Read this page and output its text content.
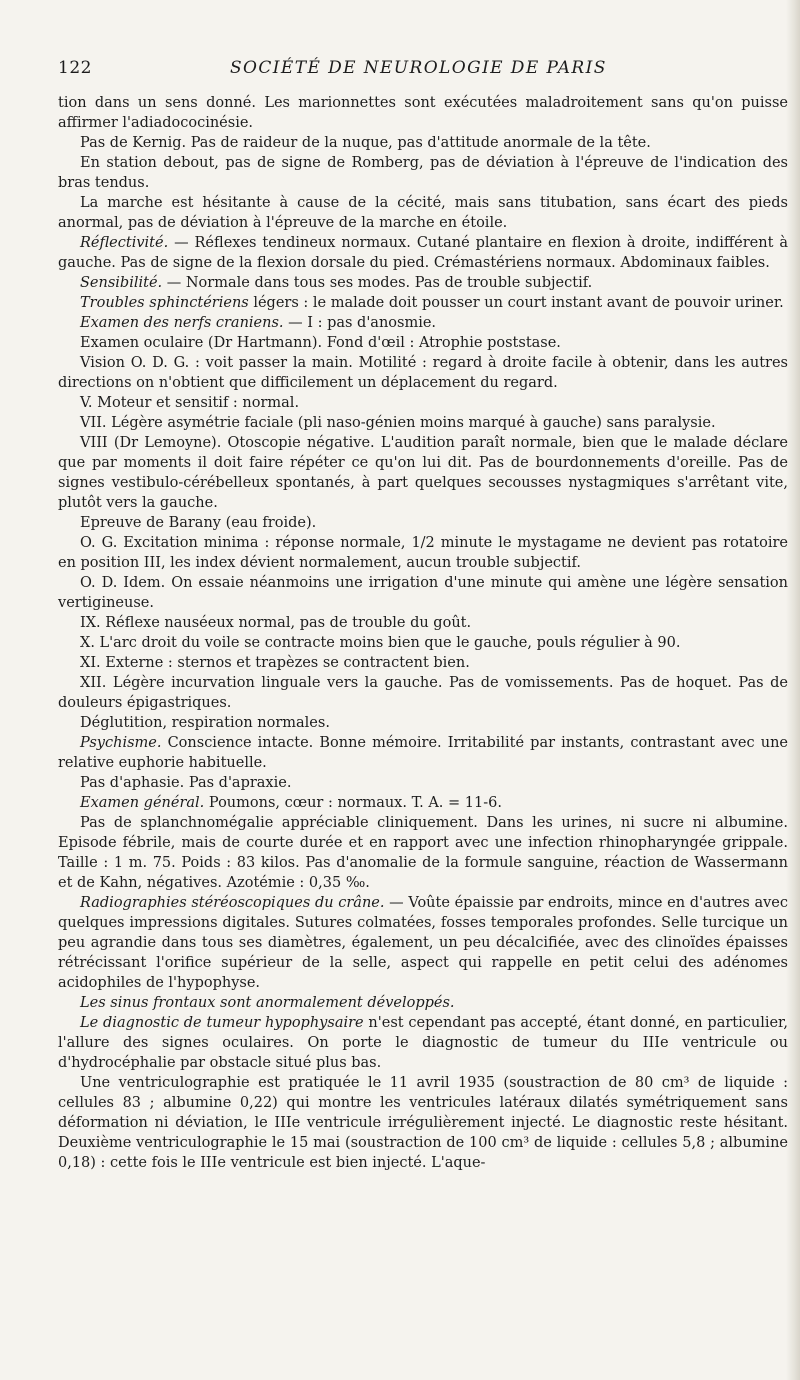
122	SOCIÉTÉ DE NEUROLOGIE DE PARIS

tion dans un sens donné. Les marionnettes sont exécutées maladroitement sans qu'on puisse affirmer l'adiadococinésie.

Pas de Kernig. Pas de raideur de la nuque, pas d'attitude anormale de la tête.

En station debout, pas de signe de Romberg, pas de déviation à l'épreuve de l'indication des bras tendus.

La marche est hésitante à cause de la cécité, mais sans titubation, sans écart des pieds anormal, pas de déviation à l'épreuve de la marche en étoile.

Réflectivité. — Réflexes tendineux normaux. Cutané plantaire en flexion à droite, indifférent à gauche. Pas de signe de la flexion dorsale du pied. Crémastériens normaux. Abdominaux faibles.

Sensibilité. — Normale dans tous ses modes. Pas de trouble subjectif.

Troubles sphinctériens légers : le malade doit pousser un court instant avant de pouvoir uriner.

Examen des nerfs craniens. — I : pas d'anosmie.

Examen oculaire (Dr Hartmann). Fond d'œil : Atrophie poststase.

Vision O. D. G. : voit passer la main. Motilité : regard à droite facile à obtenir, dans les autres directions on n'obtient que difficilement un déplacement du regard.

V. Moteur et sensitif : normal.

VII. Légère asymétrie faciale (pli naso-génien moins marqué à gauche) sans paralysie.

VIII (Dr Lemoyne). Otoscopie négative. L'audition paraît normale, bien que le malade déclare que par moments il doit faire répéter ce qu'on lui dit. Pas de bourdonnements d'oreille. Pas de signes vestibulo-cérébelleux spontanés, à part quelques secousses nystagmiques s'arrêtant vite, plutôt vers la gauche.

Epreuve de Barany (eau froide).

O. G. Excitation minima : réponse normale, 1/2 minute le mystagame ne devient pas rotatoire en position III, les index dévient normalement, aucun trouble subjectif.

O. D. Idem. On essaie néanmoins une irrigation d'une minute qui amène une légère sensation vertigineuse.

IX. Réflexe nauséeux normal, pas de trouble du goût.

X. L'arc droit du voile se contracte moins bien que le gauche, pouls régulier à 90.

XI. Externe : sternos et trapèzes se contractent bien.

XII. Légère incurvation linguale vers la gauche. Pas de vomissements. Pas de hoquet. Pas de douleurs épigastriques.

Déglutition, respiration normales.

Psychisme. Conscience intacte. Bonne mémoire. Irritabilité par instants, contrastant avec une relative euphorie habituelle.

Pas d'aphasie. Pas d'apraxie.

Examen général. Poumons, cœur : normaux. T. A. = 11-6.

Pas de splanchnomégalie appréciable cliniquement. Dans les urines, ni sucre ni albumine. Episode fébrile, mais de courte durée et en rapport avec une infection rhinopharyngée grippale. Taille : 1 m. 75. Poids : 83 kilos. Pas d'anomalie de la formule sanguine, réaction de Wassermann et de Kahn, négatives. Azotémie : 0,35 ‰.

Radiographies stéréoscopiques du crâne. — Voûte épaissie par endroits, mince en d'autres avec quelques impressions digitales. Sutures colmatées, fosses temporales profondes. Selle turcique un peu agrandie dans tous ses diamètres, également, un peu décalcifiée, avec des clinoïdes épaisses rétrécissant l'orifice supérieur de la selle, aspect qui rappelle en petit celui des adénomes acidophiles de l'hypophyse.

Les sinus frontaux sont anormalement développés.

Le diagnostic de tumeur hypophysaire n'est cependant pas accepté, étant donné, en particulier, l'allure des signes oculaires. On porte le diagnostic de tumeur du IIIe ventricule ou d'hydrocéphalie par obstacle situé plus bas.

Une ventriculographie est pratiquée le 11 avril 1935 (soustraction de 80 cm³ de liquide : cellules 83 ; albumine 0,22) qui montre les ventricules latéraux dilatés symétriquement sans déformation ni déviation, le IIIe ventricule irrégulièrement injecté. Le diagnostic reste hésitant. Deuxième ventriculographie le 15 mai (soustraction de 100 cm³ de liquide : cellules 5,8 ; albumine 0,18) : cette fois le IIIe ventricule est bien injecté. L'aque-
